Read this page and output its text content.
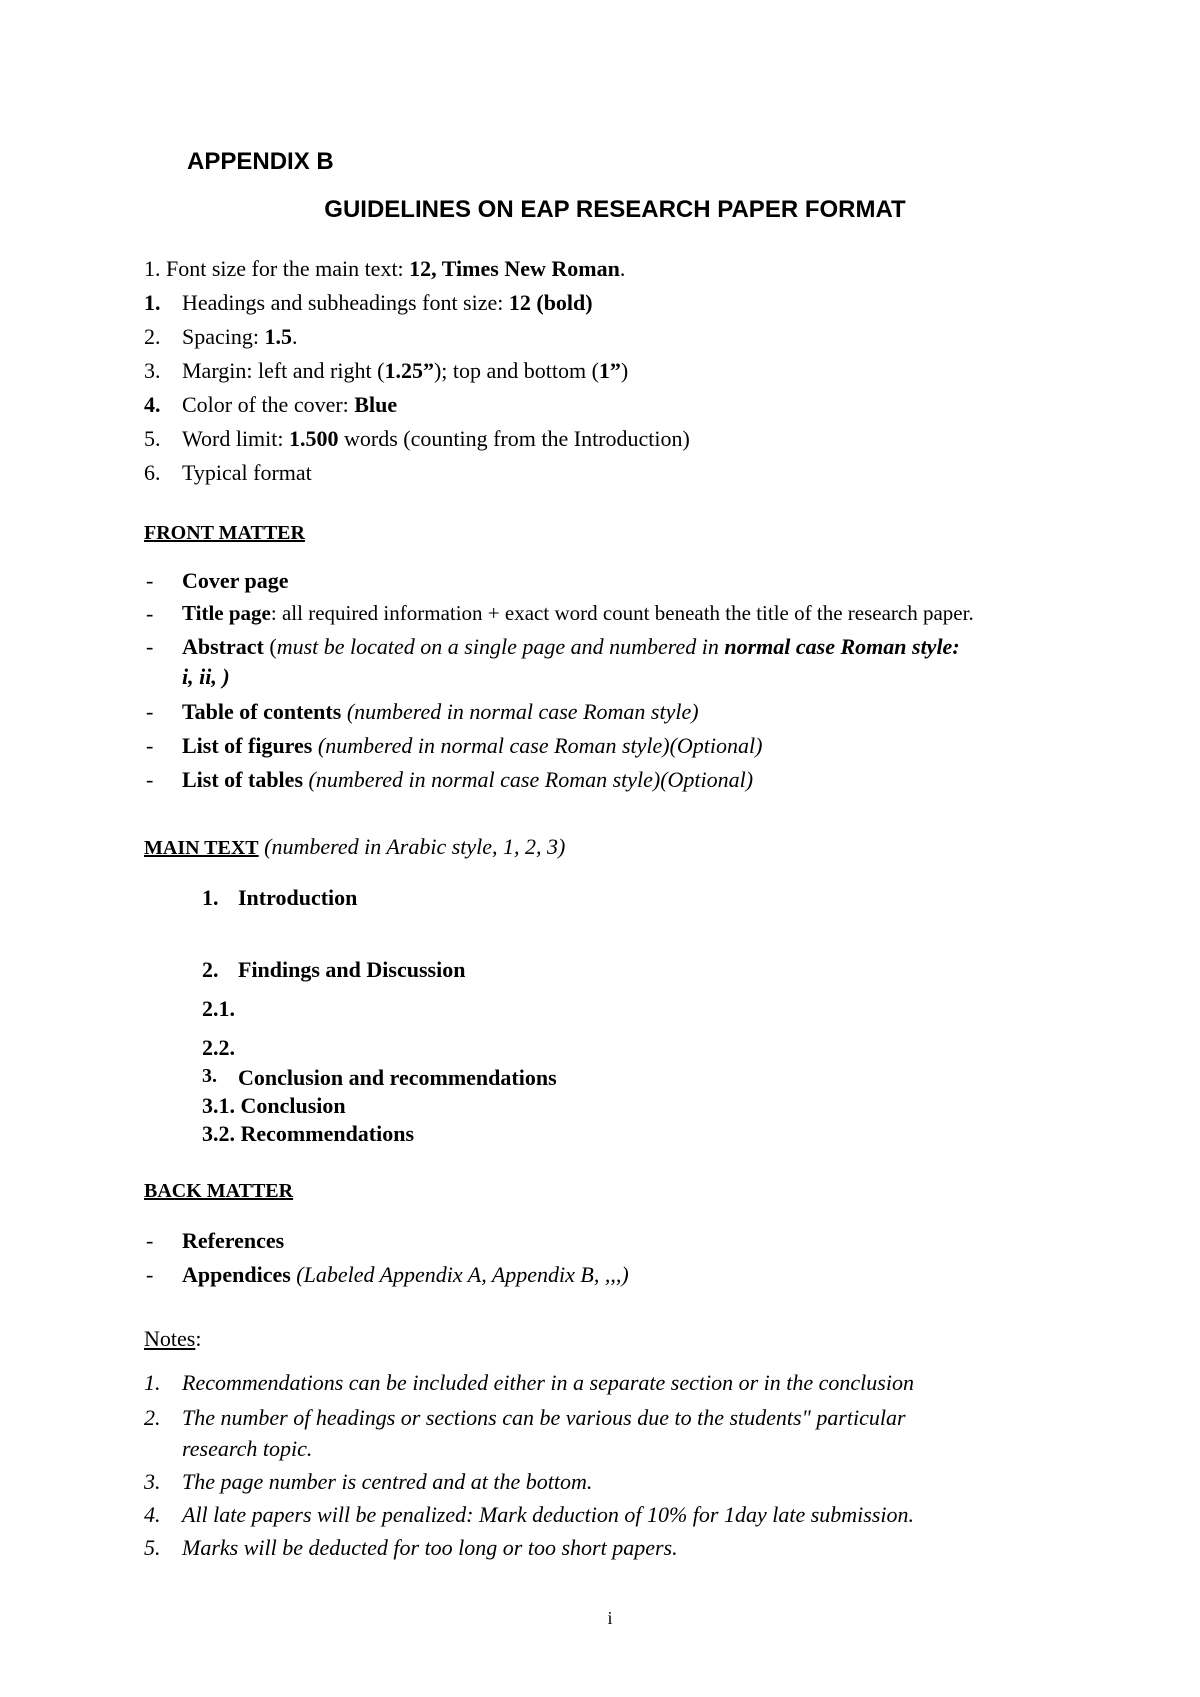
APPENDIX B
GUIDELINES ON EAP RESEARCH PAPER FORMAT
1. Font size for the main text: 12, Times New Roman.
1. Headings and subheadings font size: 12 (bold)
2. Spacing: 1.5.
3. Margin: left and right (1.25”); top and bottom (1”)
4. Color of the cover: Blue
5. Word limit: 1.500 words (counting from the Introduction)
6. Typical format
FRONT MATTER
- Cover page
- Title page: all required information + exact word count beneath the title of the research paper.
- Abstract (must be located on a single page and numbered in normal case Roman style:
i, ii, )
- Table of contents (numbered in normal case Roman style)
- List of figures (numbered in normal case Roman style)(Optional)
- List of tables (numbered in normal case Roman style)(Optional)
MAIN TEXT (numbered in Arabic style, 1, 2, 3)
1. Introduction
2. Findings and Discussion
2.1.
2.2.
3. Conclusion and recommendations
3.1. Conclusion
3.2. Recommendations
BACK MATTER
- References
- Appendices (Labeled Appendix A, Appendix B, ,,,)
Notes:
1. Recommendations can be included either in a separate section or in the conclusion
2. The number of headings or sections can be various due to the students" particular
research topic.
3. The page number is centred and at the bottom.
4. All late papers will be penalized: Mark deduction of 10% for 1day late submission.
5. Marks will be deducted for too long or too short papers.
i
